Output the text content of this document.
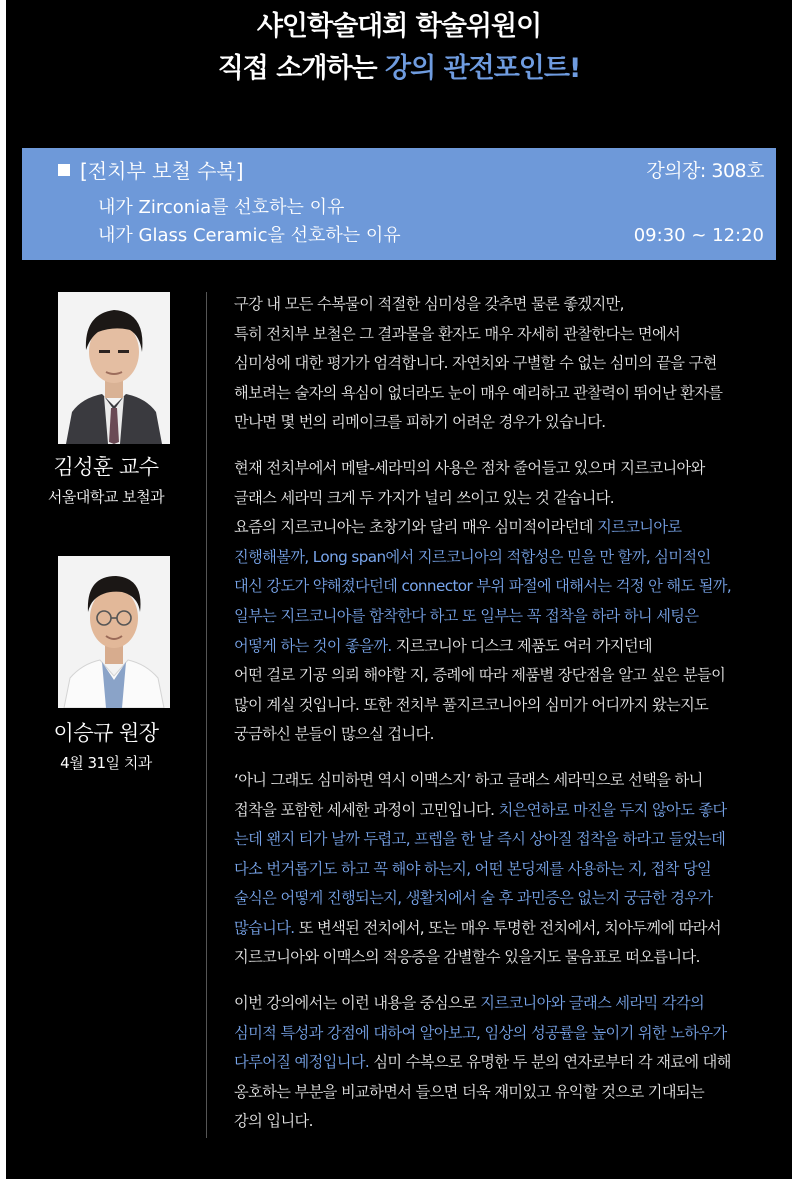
샤인학술대회 학술위원이
직접 소개하는 강의 관전포인트!
[전치부 보철 수복]	강의장: 308호
내가 Zirconia를 선호하는 이유
내가 Glass Ceramic을 선호하는 이유	09:30 ~ 12:20
김성훈 교수
서울대학교 보철과
이승규 원장
4월 31일 치과

구강 내 모든 수복물이 적절한 심미성을 갖추면 물론 좋겠지만,

특히 전치부 보철은 그 결과물을 환자도 매우 자세히 관찰한다는 면에서

심미성에 대한 평가가 엄격합니다. 자연치와 구별할 수 없는 심미의 끝을 구현

해보려는 술자의 욕심이 없더라도 눈이 매우 예리하고 관찰력이 뛰어난 환자를

만나면 몇 번의 리메이크를 피하기 어려운 경우가 있습니다.

현재 전치부에서 메탈-세라믹의 사용은 점차 줄어들고 있으며 지르코니아와

글래스 세라믹 크게 두 가지가 널리 쓰이고 있는 것 같습니다.

요즘의 지르코니아는 초창기와 달리 매우 심미적이라던데 지르코니아로

진행해볼까, Long span에서 지르코니아의 적합성은 믿을 만 할까, 심미적인

대신 강도가 약해졌다던데 connector 부위 파절에 대해서는 걱정 안 해도 될까,

일부는 지르코니아를 합착한다 하고 또 일부는 꼭 접착을 하라 하니 세팅은

어떻게 하는 것이 좋을까. 지르코니아 디스크 제품도 여러 가지던데

어떤 걸로 기공 의뢰 해야할 지, 증례에 따라 제품별 장단점을 알고 싶은 분들이

많이 계실 것입니다. 또한 전치부 풀지르코니아의 심미가 어디까지 왔는지도

궁금하신 분들이 많으실 겁니다.

‘아니 그래도 심미하면 역시 이맥스지’ 하고 글래스 세라믹으로 선택을 하니

접착을 포함한 세세한 과정이 고민입니다. 치은연하로 마진을 두지 않아도 좋다

는데 왠지 티가 날까 두렵고, 프렙을 한 날 즉시 상아질 접착을 하라고 들었는데

다소 번거롭기도 하고 꼭 해야 하는지, 어떤 본딩제를 사용하는 지, 접착 당일

술식은 어떻게 진행되는지, 생활치에서 술 후 과민증은 없는지 궁금한 경우가

많습니다. 또 변색된 전치에서, 또는 매우 투명한 전치에서, 치아두께에 따라서

지르코니아와 이맥스의 적응증을 감별할수 있을지도 물음표로 떠오릅니다.

이번 강의에서는 이런 내용을 중심으로 지르코니아와 글래스 세라믹 각각의

심미적 특성과 강점에 대하여 알아보고, 임상의 성공률을 높이기 위한 노하우가

다루어질 예정입니다. 심미 수복으로 유명한 두 분의 연자로부터 각 재료에 대해

옹호하는 부분을 비교하면서 들으면 더욱 재미있고 유익할 것으로 기대되는

강의 입니다.
